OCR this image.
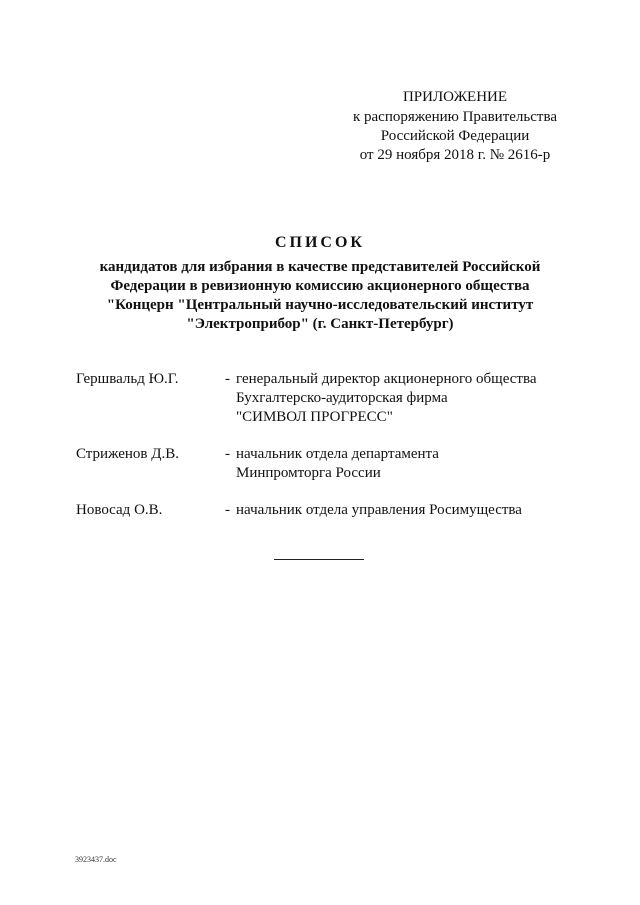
ПРИЛОЖЕНИЕ
к распоряжению Правительства
Российской Федерации
от 29 ноября 2018 г. № 2616-р
СПИСОК
кандидатов для избрания в качестве представителей Российской
Федерации в ревизионную комиссию акционерного общества
"Концерн "Центральный научно-исследовательский институт
"Электроприбор" (г. Санкт-Петербург)
Гершвальд Ю.Г.	- генеральный директор акционерного общества
Бухгалтерско-аудиторская фирма
"СИМВОЛ ПРОГРЕСС"
Стриженов Д.В.	- начальник отдела департамента
Минпромторга России
Новосад О.В.	- начальник отдела управления Росимущества
3923437.doc
